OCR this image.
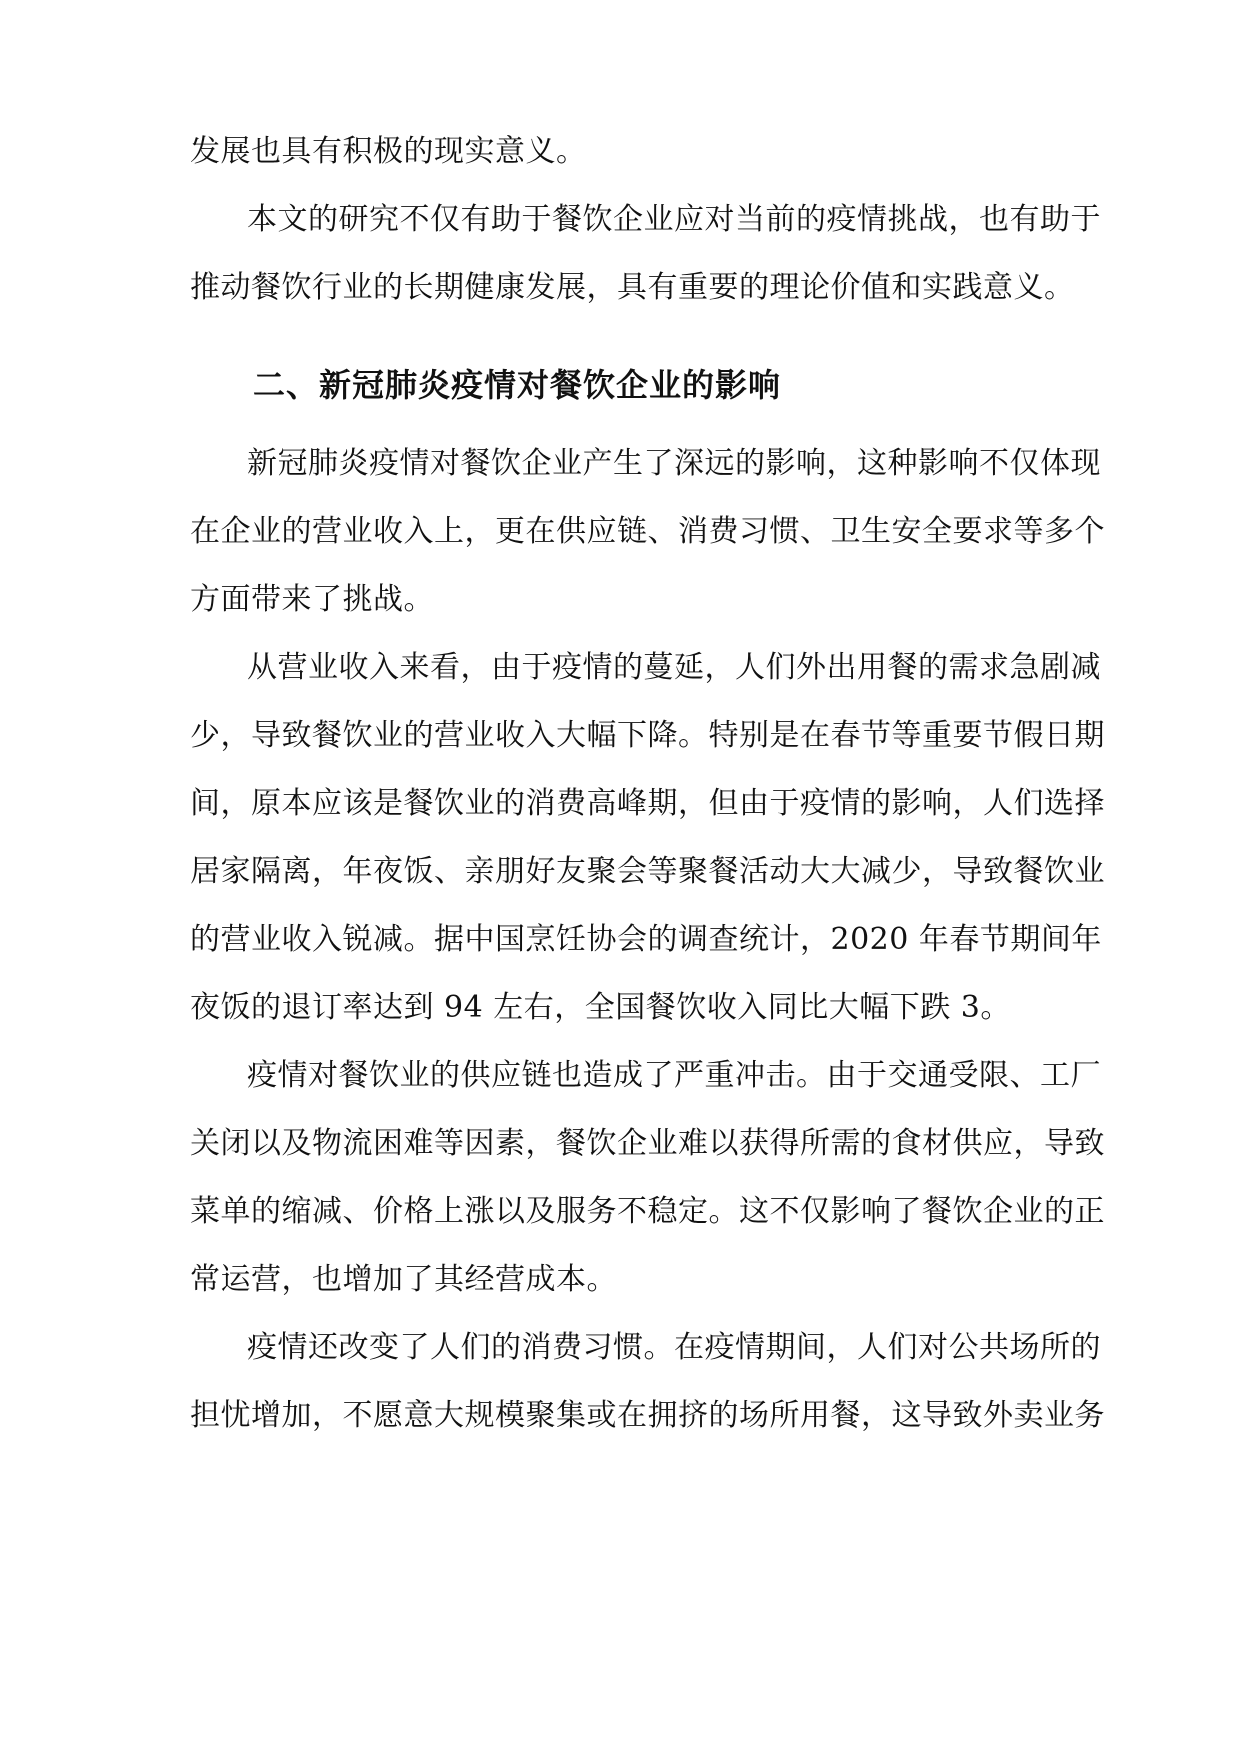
发展也具有积极的现实意义。
本文的研究不仅有助于餐饮企业应对当前的疫情挑战，也有助于
推动餐饮行业的长期健康发展，具有重要的理论价值和实践意义。
二、新冠肺炎疫情对餐饮企业的影响
新冠肺炎疫情对餐饮企业产生了深远的影响，这种影响不仅体现
在企业的营业收入上，更在供应链、消费习惯、卫生安全要求等多个
方面带来了挑战。
从营业收入来看，由于疫情的蔓延，人们外出用餐的需求急剧减
少，导致餐饮业的营业收入大幅下降。特别是在春节等重要节假日期
间，原本应该是餐饮业的消费高峰期，但由于疫情的影响，人们选择
居家隔离，年夜饭、亲朋好友聚会等聚餐活动大大减少，导致餐饮业
的营业收入锐减。据中国烹饪协会的调查统计，2020 年春节期间年
夜饭的退订率达到 94 左右，全国餐饮收入同比大幅下跌 3。
疫情对餐饮业的供应链也造成了严重冲击。由于交通受限、工厂
关闭以及物流困难等因素，餐饮企业难以获得所需的食材供应，导致
菜单的缩减、价格上涨以及服务不稳定。这不仅影响了餐饮企业的正
常运营，也增加了其经营成本。
疫情还改变了人们的消费习惯。在疫情期间，人们对公共场所的
担忧增加，不愿意大规模聚集或在拥挤的场所用餐，这导致外卖业务
